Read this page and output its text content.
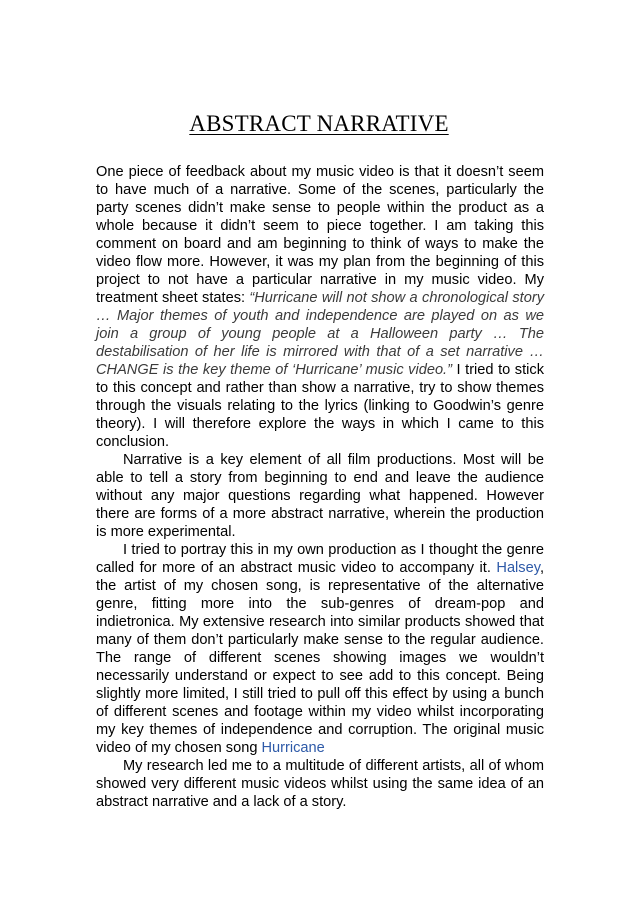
ABSTRACT NARRATIVE

One piece of feedback about my music video is that it doesn’t seem to have much of a narrative. Some of the scenes, particularly the party scenes didn’t make sense to people within the product as a whole because it didn’t seem to piece together. I am taking this comment on board and am beginning to think of ways to make the video flow more. However, it was my plan from the beginning of this project to not have a particular narrative in my music video. My treatment sheet states: “Hurricane will not show a chronological story … Major themes of youth and independence are played on as we join a group of young people at a Halloween party … The destabilisation of her life is mirrored with that of a set narrative … CHANGE is the key theme of ‘Hurricane’ music video.” I tried to stick to this concept and rather than show a narrative, try to show themes through the visuals relating to the lyrics (linking to Goodwin’s genre theory). I will therefore explore the ways in which I came to this conclusion.

Narrative is a key element of all film productions. Most will be able to tell a story from beginning to end and leave the audience without any major questions regarding what happened. However there are forms of a more abstract narrative, wherein the production is more experimental.

I tried to portray this in my own production as I thought the genre called for more of an abstract music video to accompany it. Halsey, the artist of my chosen song, is representative of the alternative genre, fitting more into the sub-genres of dream-pop and indietronica. My extensive research into similar products showed that many of them don’t particularly make sense to the regular audience. The range of different scenes showing images we wouldn’t necessarily understand or expect to see add to this concept. Being slightly more limited, I still tried to pull off this effect by using a bunch of different scenes and footage within my video whilst incorporating my key themes of independence and corruption. The original music video of my chosen song Hurricane

My research led me to a multitude of different artists, all of whom showed very different music videos whilst using the same idea of an abstract narrative and a lack of a story.
